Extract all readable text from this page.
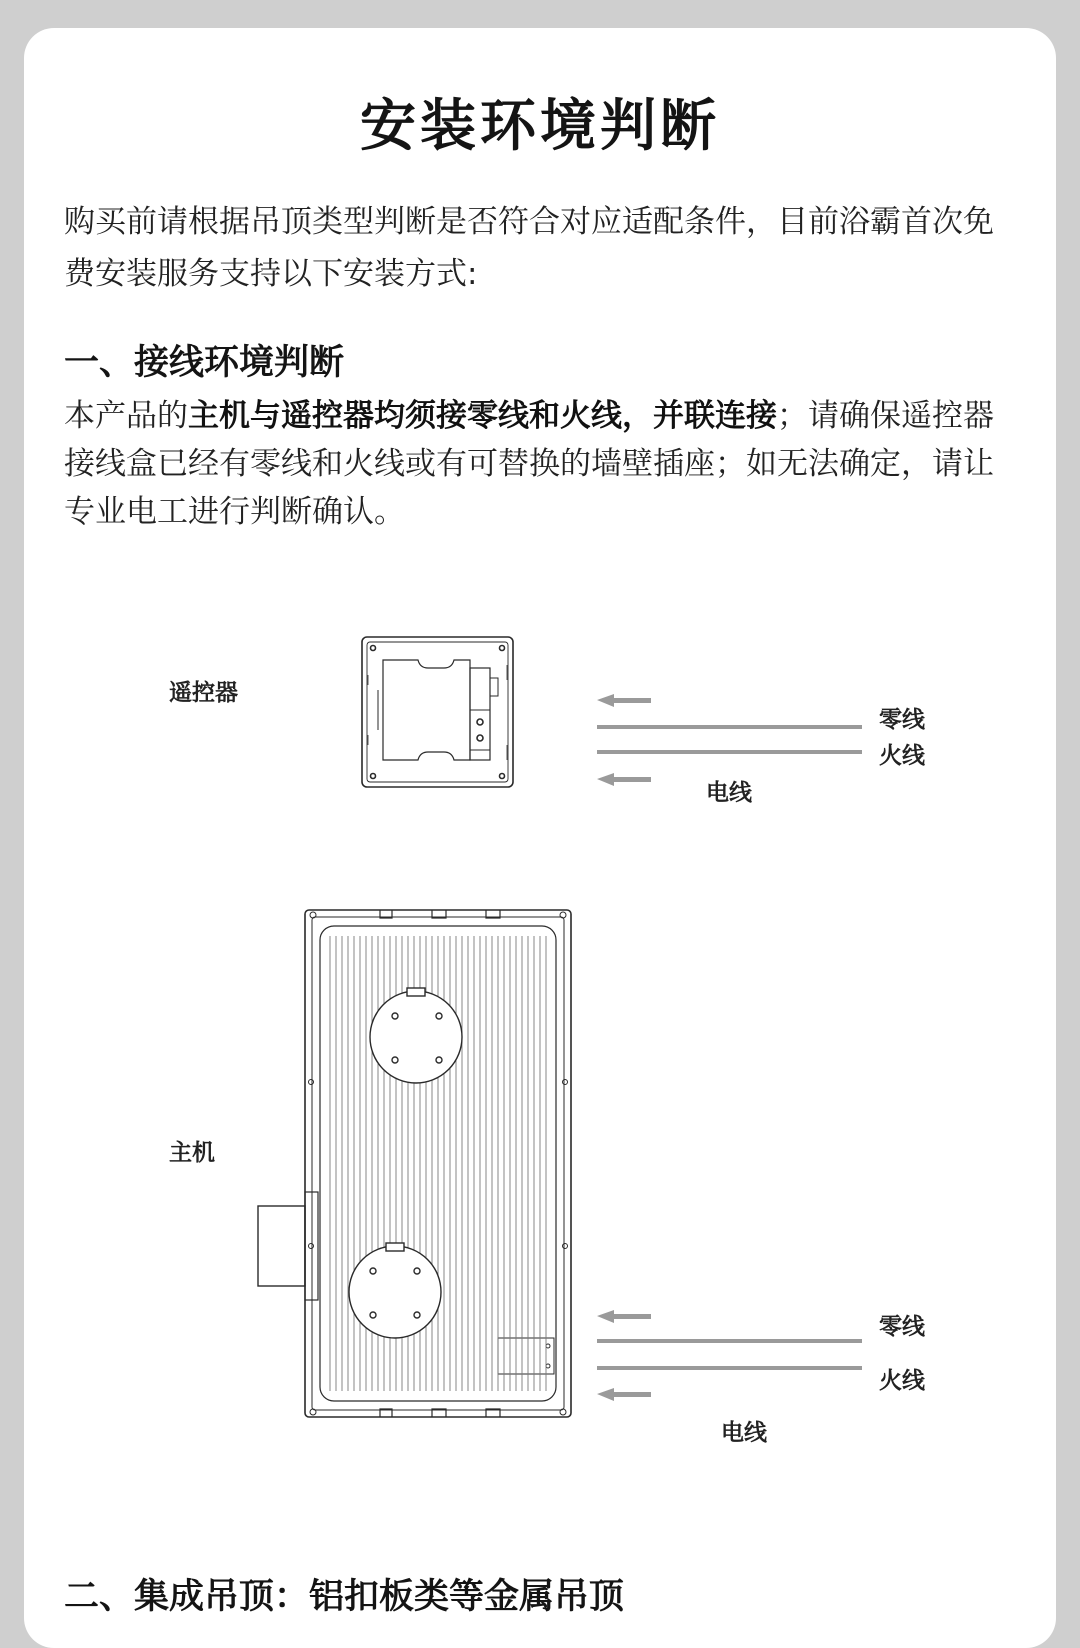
安装环境判断
购买前请根据吊顶类型判断是否符合对应适配条件，目前浴霸首次免费安装服务支持以下安装方式:
一、接线环境判断
本产品的主机与遥控器均须接零线和火线，并联连接；请确保遥控器接线盒已经有零线和火线或有可替换的墙壁插座；如无法确定，请让专业电工进行判断确认。
遥控器
零线
火线
电线
主机
零线
火线
电线
二、集成吊顶：铝扣板类等金属吊顶
